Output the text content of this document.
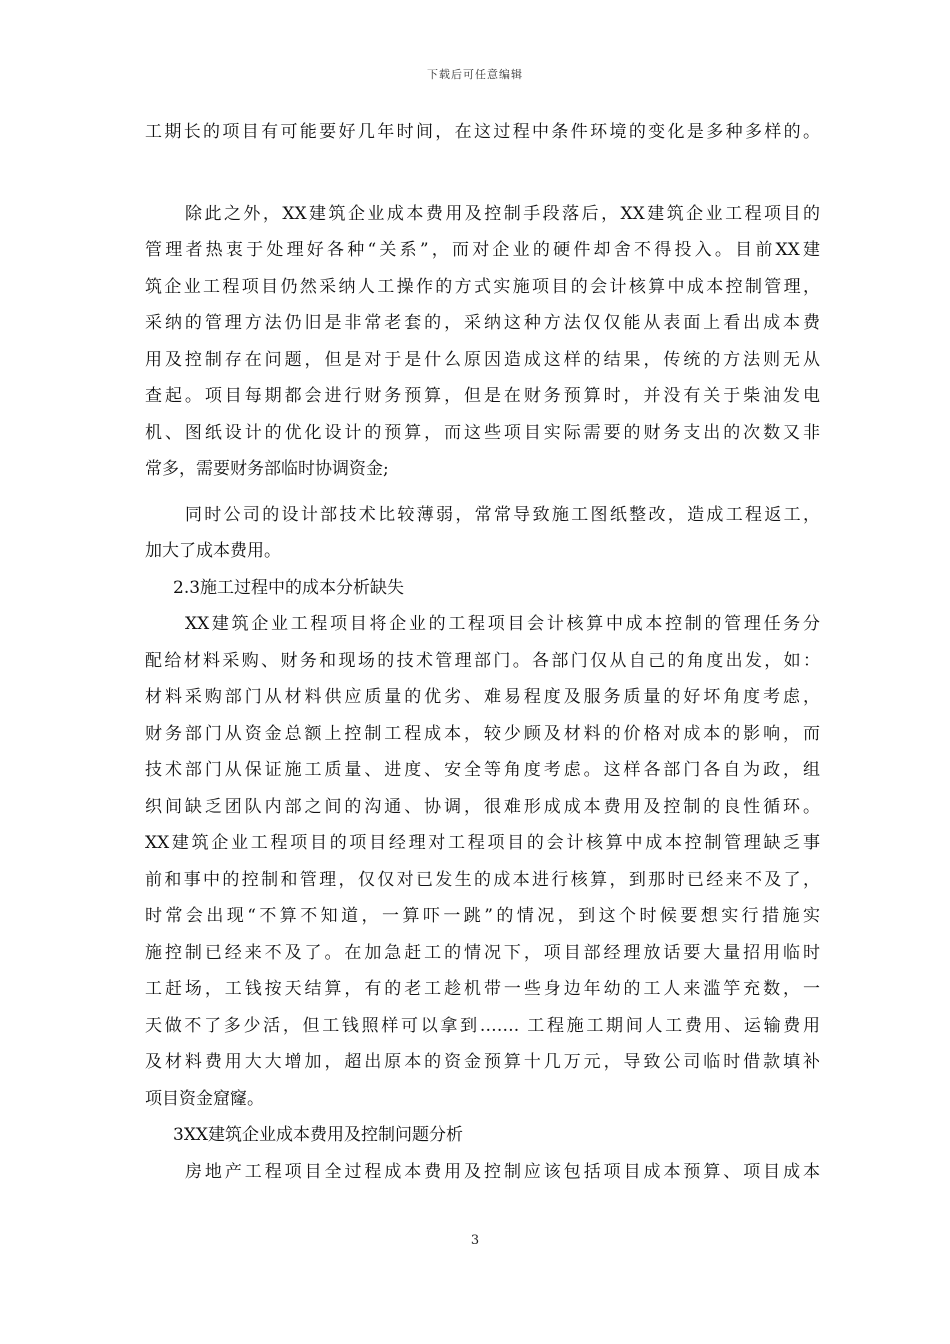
下载后可任意编辑
工期长的项目有可能要好几年时间，在这过程中条件环境的变化是多种多样的。
除此之外，XX建筑企业成本费用及控制手段落后，XX建筑企业工程项目的
管理者热衷于处理好各种“关系”，而对企业的硬件却舍不得投入。目前XX建
筑企业工程项目仍然采纳人工操作的方式实施项目的会计核算中成本控制管理，
采纳的管理方法仍旧是非常老套的，采纳这种方法仅仅能从表面上看出成本费
用及控制存在问题，但是对于是什么原因造成这样的结果，传统的方法则无从
查起。项目每期都会进行财务预算，但是在财务预算时，并没有关于柴油发电
机、图纸设计的优化设计的预算，而这些项目实际需要的财务支出的次数又非
常多，需要财务部临时协调资金;
同时公司的设计部技术比较薄弱，常常导致施工图纸整改，造成工程返工，
加大了成本费用。
2.3施工过程中的成本分析缺失
XX建筑企业工程项目将企业的工程项目会计核算中成本控制的管理任务分
配给材料采购、财务和现场的技术管理部门。各部门仅从自己的角度出发，如：
材料采购部门从材料供应质量的优劣、难易程度及服务质量的好坏角度考虑，
财务部门从资金总额上控制工程成本，较少顾及材料的价格对成本的影响，而
技术部门从保证施工质量、进度、安全等角度考虑。这样各部门各自为政，组
织间缺乏团队内部之间的沟通、协调，很难形成成本费用及控制的良性循环。
XX建筑企业工程项目的项目经理对工程项目的会计核算中成本控制管理缺乏事
前和事中的控制和管理，仅仅对已发生的成本进行核算，到那时已经来不及了，
时常会出现“不算不知道，一算吓一跳”的情况，到这个时候要想实行措施实
施控制已经来不及了。在加急赶工的情况下，项目部经理放话要大量招用临时
工赶场，工钱按天结算，有的老工趁机带一些身边年幼的工人来滥竽充数，一
天做不了多少活，但工钱照样可以拿到……. 工程施工期间人工费用、运输费用
及材料费用大大增加，超出原本的资金预算十几万元，导致公司临时借款填补
项目资金窟窿。
3XX建筑企业成本费用及控制问题分析
房地产工程项目全过程成本费用及控制应该包括项目成本预算、项目成本
3
